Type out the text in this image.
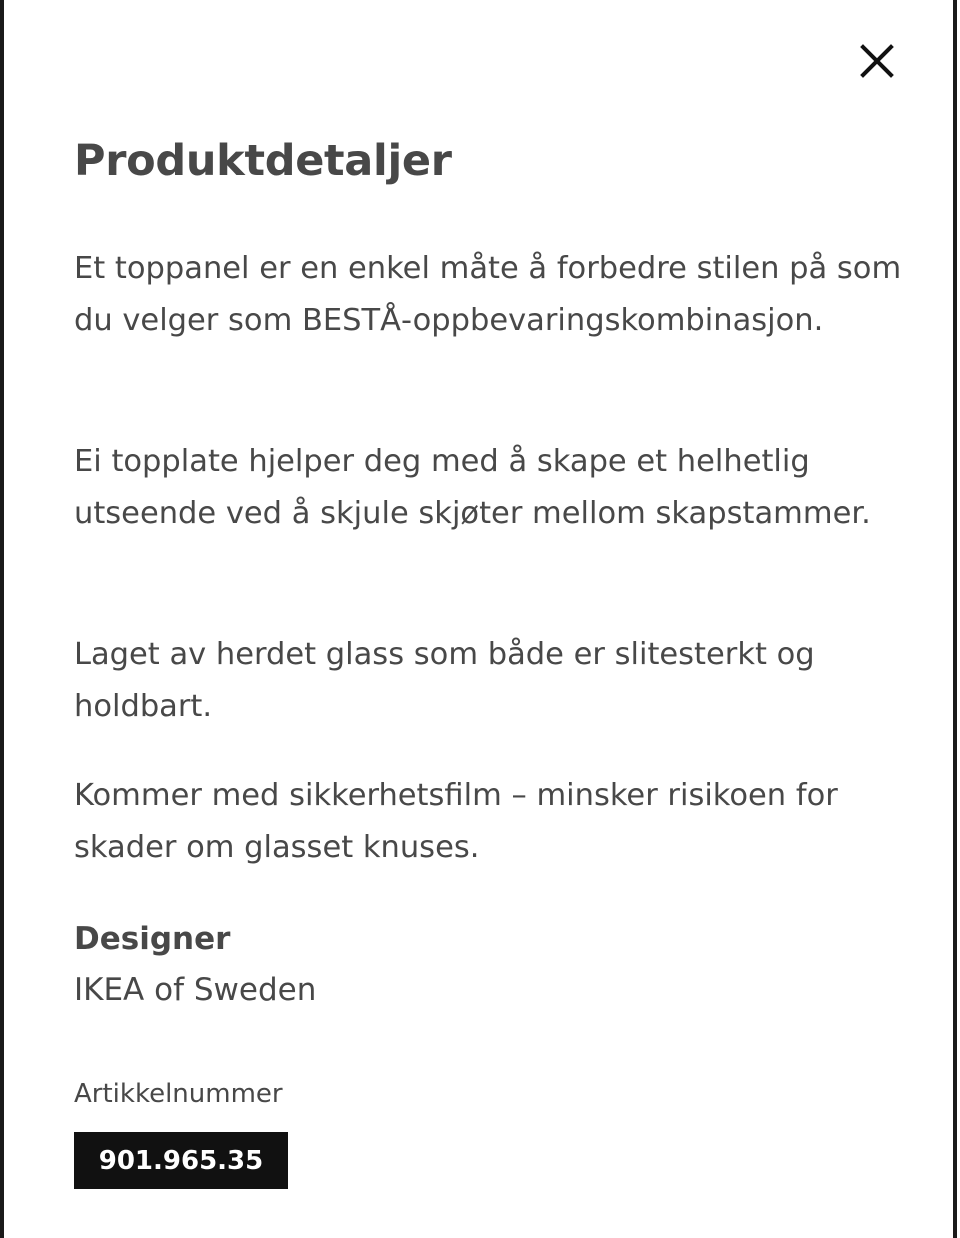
Produktdetaljer

Et toppanel er en enkel måte å forbedre stilen på som du velger som BESTÅ-oppbevaringskombinasjon.

Ei topplate hjelper deg med å skape et helhetlig utseende ved å skjule skjøter mellom skapstammer.

Laget av herdet glass som både er slitesterkt og holdbart.

Kommer med sikkerhetsfilm – minsker risikoen for skader om glasset knuses.

Designer
IKEA of Sweden
Artikkelnummer
901.965.35
